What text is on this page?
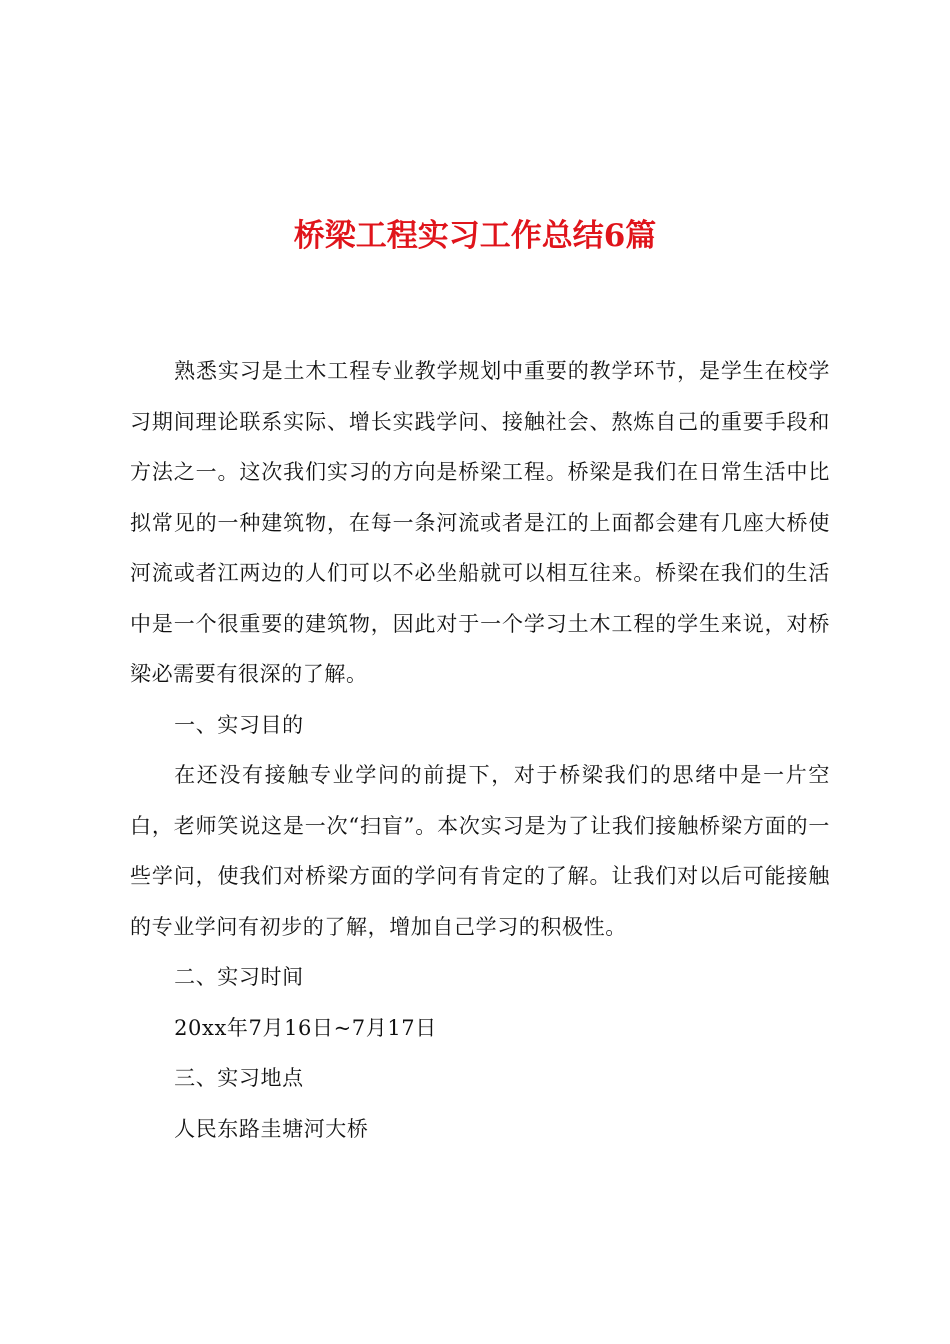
桥梁工程实习工作总结6篇

熟悉实习是土木工程专业教学规划中重要的教学环节，是学生在校学习期间理论联系实际、增长实践学问、接触社会、熬炼自己的重要手段和方法之一。这次我们实习的方向是桥梁工程。桥梁是我们在日常生活中比拟常见的一种建筑物，在每一条河流或者是江的上面都会建有几座大桥使河流或者江两边的人们可以不必坐船就可以相互往来。桥梁在我们的生活中是一个很重要的建筑物，因此对于一个学习土木工程的学生来说，对桥梁必需要有很深的了解。

一、实习目的

在还没有接触专业学问的前提下，对于桥梁我们的思绪中是一片空白，老师笑说这是一次“扫盲”。本次实习是为了让我们接触桥梁方面的一些学问，使我们对桥梁方面的学问有肯定的了解。让我们对以后可能接触的专业学问有初步的了解，增加自己学习的积极性。

二、实习时间

20xx年7月16日~7月17日

三、实习地点

人民东路圭塘河大桥
